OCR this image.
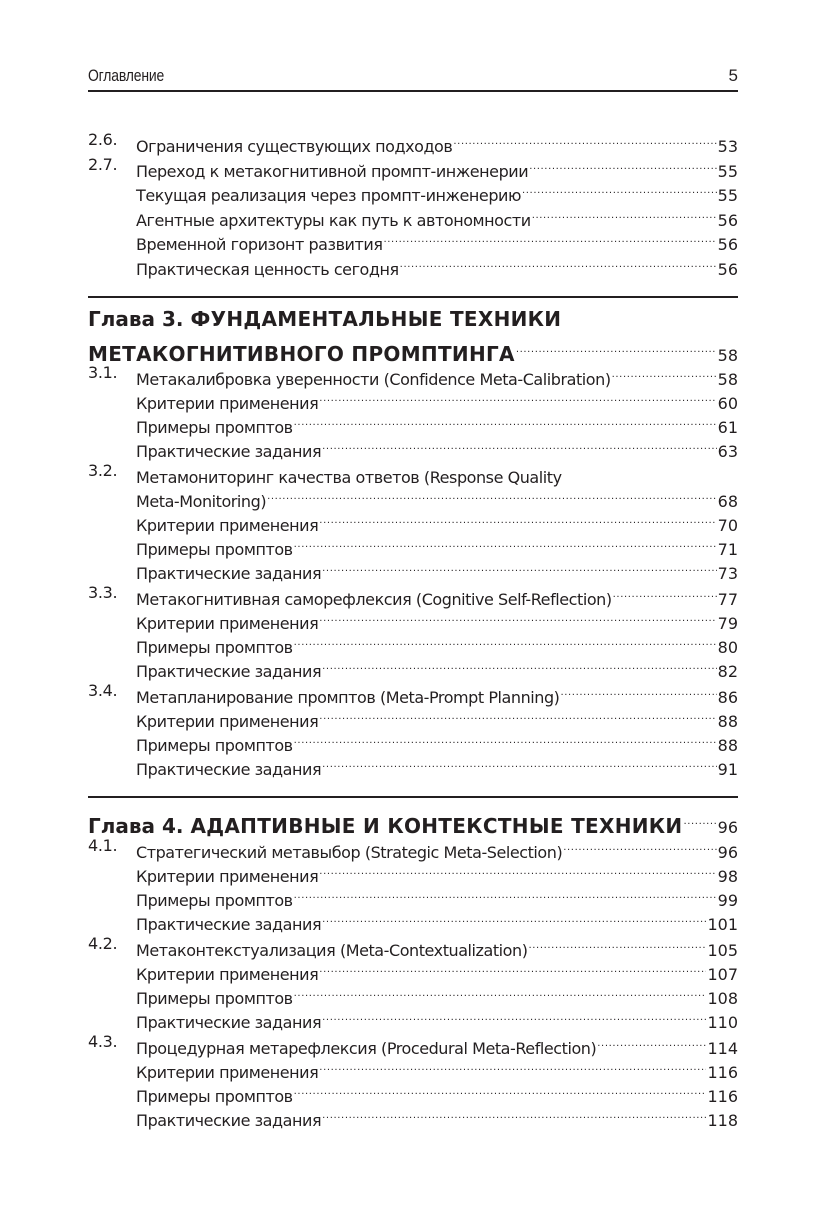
Оглавление	5
2.6.	Ограничения существующих подходов .....	53
2.7.	Переход к метакогнитивной промпт-инженерии .....	55
Текущая реализация через промпт-инженерию .....	55
Агентные архитектуры как путь к автономности .....	56
Временной горизонт развития .....	56
Практическая ценность сегодня .....	56
Глава 3.
ФУНДАМЕНТАЛЬНЫЕ ТЕХНИКИ
МЕТАКОГНИТИВНОГО ПРОМПТИНГА .....	58
3.1.	Метакалибровка уверенности (Confidence Meta-Calibration) .....	58
Критерии применения .....	60
Примеры промптов .....	61
Практические задания .....	63
3.2.	Метамониторинг качества ответов (Response Quality
Meta-Monitoring) .....	68
Критерии применения .....	70
Примеры промптов .....	71
Практические задания .....	73
3.3.	Метакогнитивная саморефлексия (Cognitive Self-Reflection) .....	77
Критерии применения .....	79
Примеры промптов .....	80
Практические задания .....	82
3.4.	Метапланирование промптов (Meta-Prompt Planning) .....	86
Критерии применения .....	88
Примеры промптов .....	88
Практические задания .....	91
Глава 4.
АДАПТИВНЫЕ И КОНТЕКСТНЫЕ ТЕХНИКИ ..... 96
4.1.	Стратегический метавыбор (Strategic Meta-Selection) .....	96
Критерии применения .....	98
Примеры промптов .....	99
Практические задания .....	101
4.2.	Метаконтекстуализация (Meta-Contextualization) .....	105
Критерии применения .....	107
Примеры промптов .....	108
Практические задания .....	110
4.3.	Процедурная метарефлексия (Procedural Meta-Reflection) .....	114
Критерии применения .....	116
Примеры промптов .....	116
Практические задания .....	118
